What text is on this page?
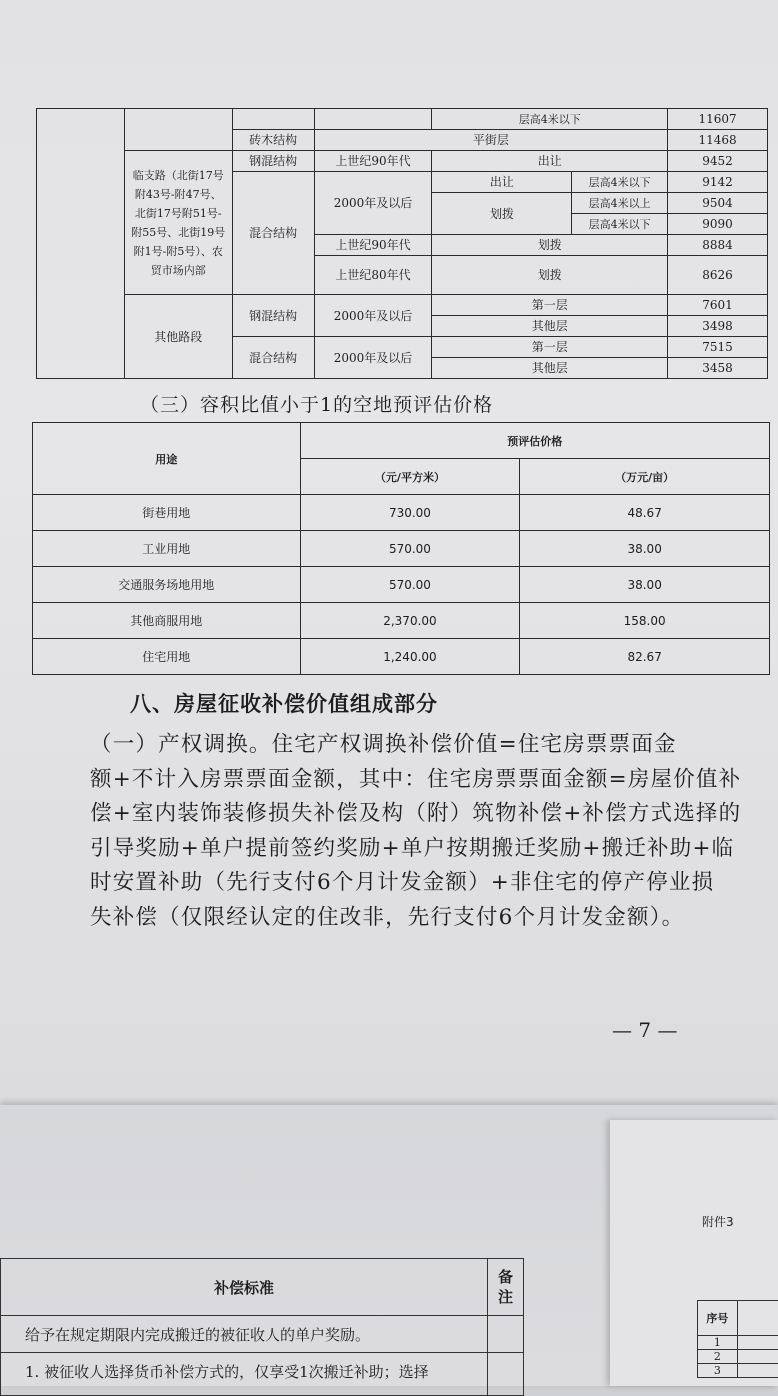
				层高4米以下		11607
		砖木结构	平街层			11468
	临支路（北街17号附43号-附47号、北街17号附51号-附55号、北街19号附1号-附5号）、农贸市场内部	钢混结构	上世纪90年代	出让		9452
		混合结构	2000年及以后	出让	层高4米以下	9142
				划拨	层高4米以上	9504
					层高4米以下	9090
			上世纪90年代	划拨		8884
			上世纪80年代	划拨		8626

	其他路段	钢混结构	2000年及以后	第一层		7601
				其他层		3498
		混合结构	2000年及以后	第一层		7515
				其他层		3458
（三）容积比值小于1的空地预评估价格
用途	预评估价格	
	（元/平方米）	（万元/亩）
街巷用地	730.00	48.67
工业用地	570.00	38.00
交通服务场地用地	570.00	38.00
其他商服用地	2,370.00	158.00
住宅用地	1,240.00	82.67
八、房屋征收补偿价值组成部分
（一）产权调换。住宅产权调换补偿价值=住宅房票票面金
额+不计入房票票面金额，其中：住宅房票票面金额=房屋价值补
偿+室内装饰装修损失补偿及构（附）筑物补偿+补偿方式选择的
引导奖励+单户提前签约奖励+单户按期搬迁奖励+搬迁补助+临
时安置补助（先行支付6个月计发金额）+非住宅的停产停业损
失补偿（仅限经认定的住改非，先行支付6个月计发金额）。
— 7 —
补偿标准	备注
给予在规定期限内完成搬迁的被征收人的单户奖励。	
1. 被征收人选择货币补偿方式的，仅享受1次搬迁补助；选择	
附件3
序号	
1	
2	
3	
